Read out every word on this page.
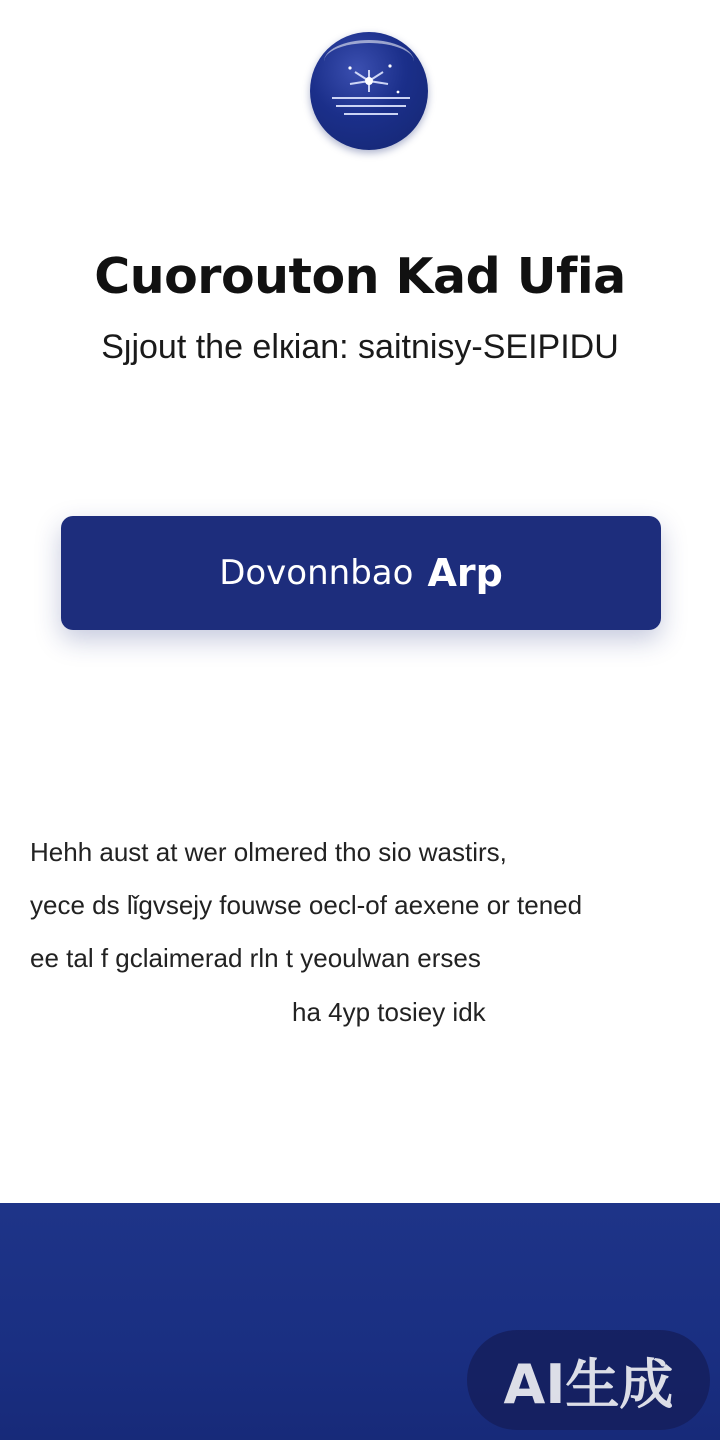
Cuorouton Kad Ufia
Sȷjout the elкian: saitnisy-SEIPIDU
Dovonnbao Arp
Hehh aust at wer olmered tho sio wastirs,
yece ds lǐgvsejy fouwse oecl-of aexene or tened
ee tal f gclaimerad rln t yeoulwan erses
ha 4yp tosiey idk
AI生成
